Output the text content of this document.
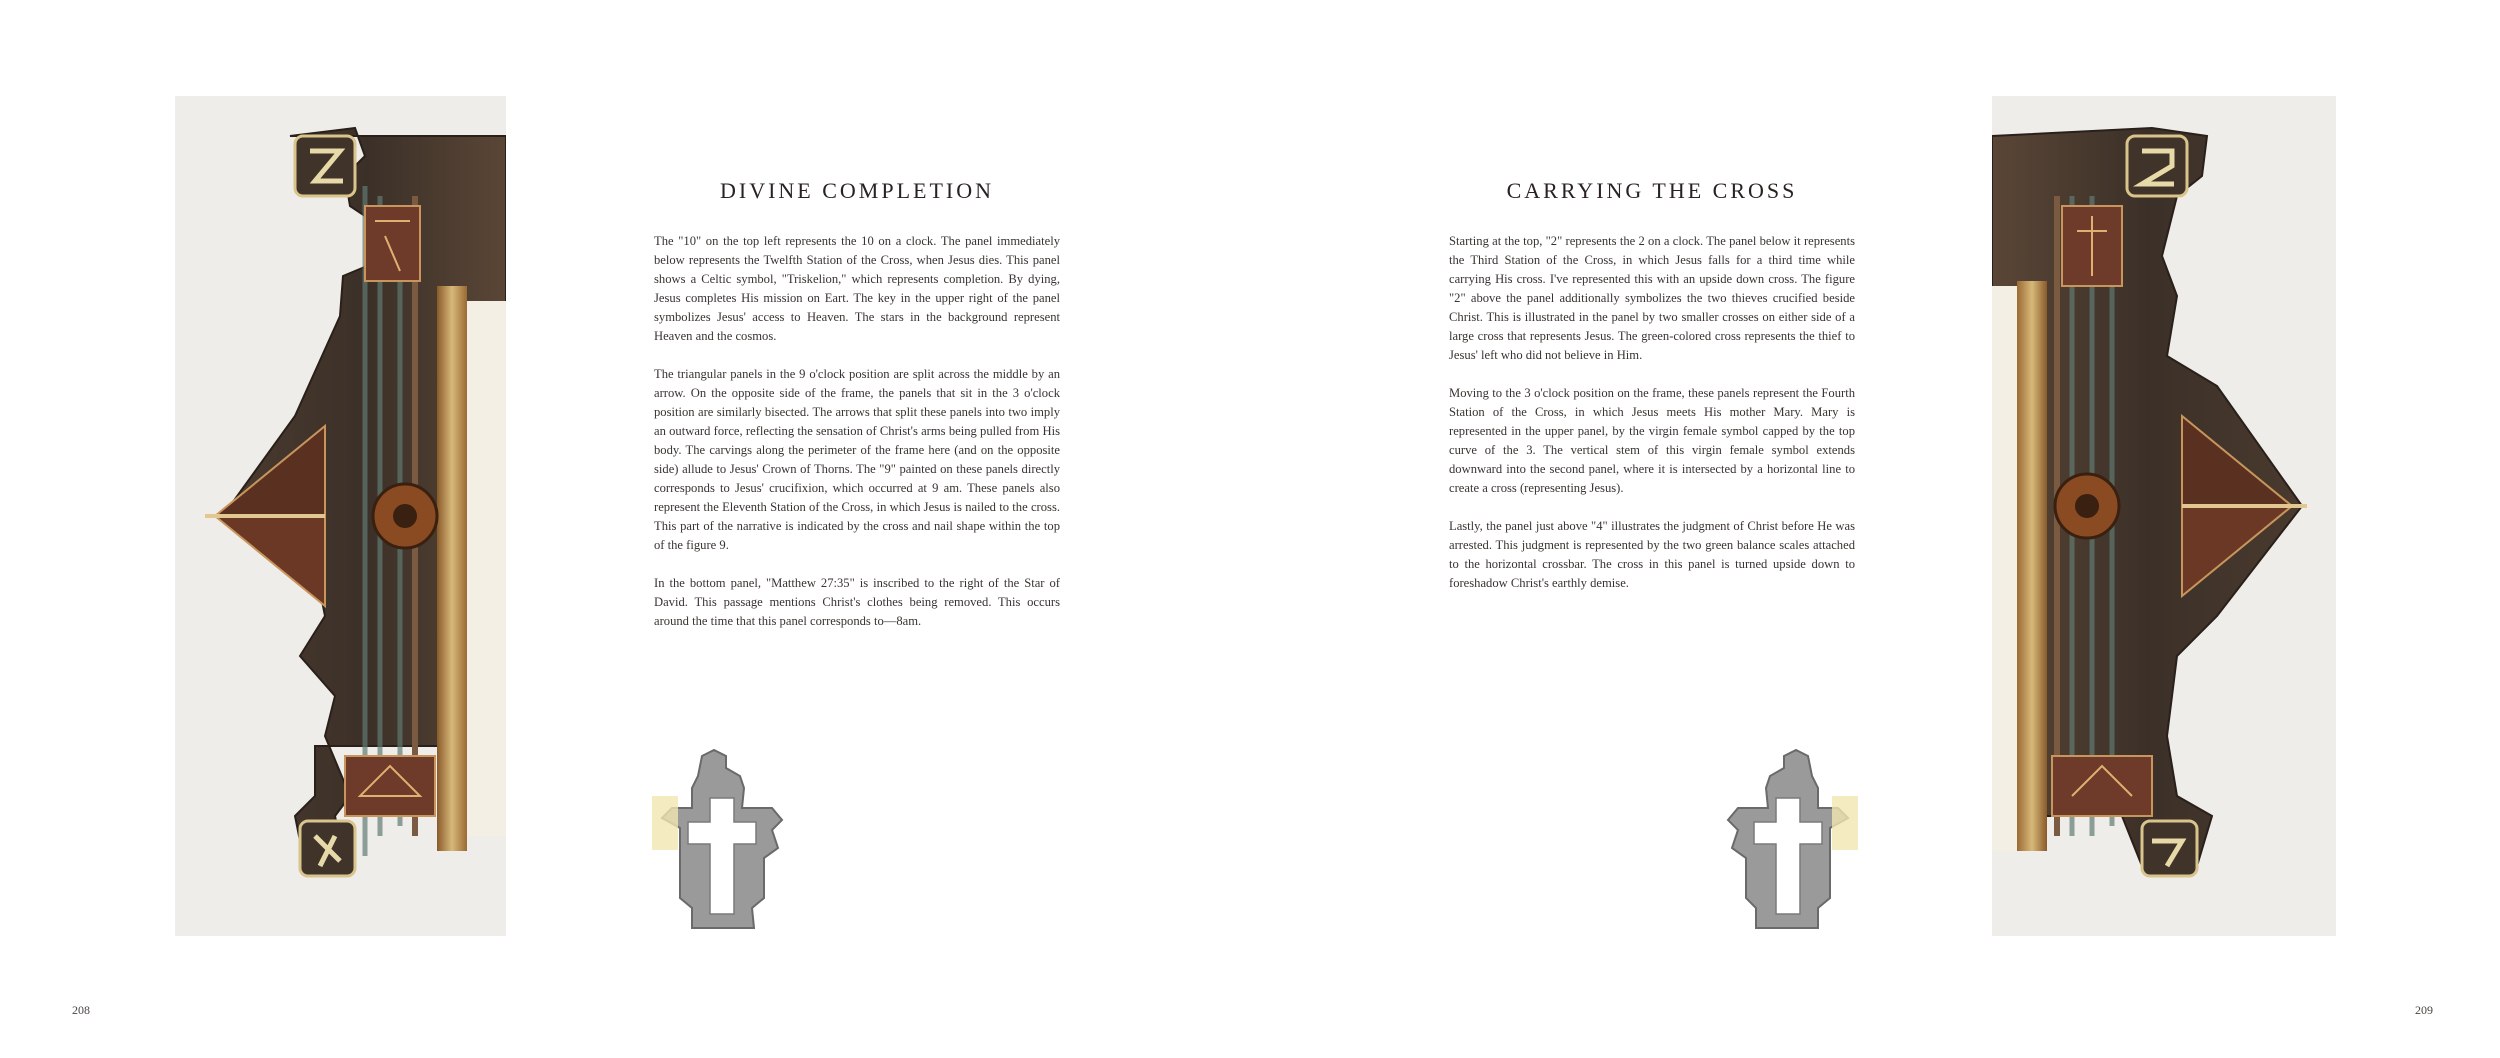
DIVINE COMPLETION

The "10" on the top left represents the 10 on a clock. The panel immediately below represents the Twelfth Station of the Cross, when Jesus dies. This panel shows a Celtic symbol, "Triskelion," which represents completion. By dying, Jesus completes His mission on Eart. The key in the upper right of the panel symbolizes Jesus' access to Heaven. The stars in the background represent Heaven and the cosmos.

The triangular panels in the 9 o'clock position are split across the middle by an arrow. On the opposite side of the frame, the panels that sit in the 3 o'clock position are similarly bisected. The arrows that split these panels into two imply an outward force, reflecting the sensation of Christ's arms being pulled from His body. The carvings along the perimeter of the frame here (and on the opposite side) allude to Jesus' Crown of Thorns. The "9" painted on these panels directly corresponds to Jesus' crucifixion, which occurred at 9 am. These panels also represent the Eleventh Station of the Cross, in which Jesus is nailed to the cross. This part of the narrative is indicated by the cross and nail shape within the top of the figure 9.

In the bottom panel, "Matthew 27:35" is inscribed to the right of the Star of David. This passage mentions Christ's clothes being removed. This occurs around the time that this panel corresponds to—8am.

CARRYING THE CROSS

Starting at the top, "2" represents the 2 on a clock. The panel below it represents the Third Station of the Cross, in which Jesus falls for a third time while carrying His cross. I've represented this with an upside down cross. The figure "2" above the panel additionally symbolizes the two thieves crucified beside Christ. This is illustrated in the panel by two smaller crosses on either side of a large cross that represents Jesus. The green-colored cross represents the thief to Jesus' left who did not believe in Him.

Moving to the 3 o'clock position on the frame, these panels represent the Fourth Station of the Cross, in which Jesus meets His mother Mary. Mary is represented in the upper panel, by the virgin female symbol capped by the top curve of the 3. The vertical stem of this virgin female symbol extends downward into the second panel, where it is intersected by a horizontal line to create a cross (representing Jesus).

Lastly, the panel just above "4" illustrates the judgment of Christ before He was arrested. This judgment is represented by the two green balance scales attached to the horizontal crossbar. The cross in this panel is turned upside down to foreshadow Christ's earthly demise.

208	209
